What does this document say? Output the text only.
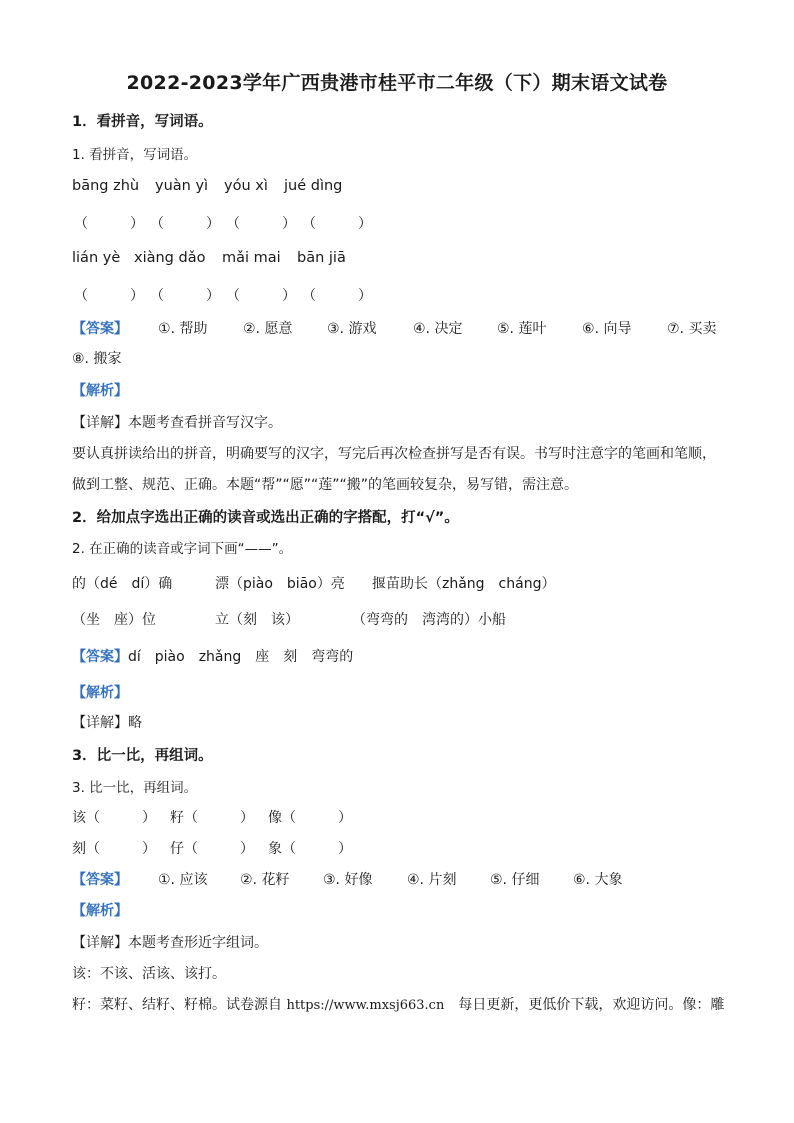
2022-2023学年广西贵港市桂平市二年级（下）期末语文试卷
1．看拼音，写词语。
1. 看拼音，写词语。
bāng zhù yuàn yì yóu xì jué dìng
（　　　） （　　　） （　　　） （　　　）
lián yè xiàng dǎo mǎi mai bān jiā
（　　　） （　　　） （　　　） （　　　）
【答案】 ①. 帮助	②. 愿意 ③. 游戏	④. 决定 ⑤. 莲叶	⑥. 向导	⑦. 买卖
⑧. 搬家
【解析】
【详解】本题考查看拼音写汉字。
要认真拼读给出的拼音，明确要写的汉字，写完后再次检查拼写是否有误。书写时注意字的笔画和笔顺，
做到工整、规范、正确。本题“帮”“愿”“莲”“搬”的笔画较复杂，易写错，需注意。
2．给加点字选出正确的读音或选出正确的字搭配，打“√”。
2. 在正确的读音或字词下画“——”。
的（dé　dí）确	漂（piào　biāo）亮 揠苗助长（zhǎng　cháng）
（坐　座）位	立（刻　该）	（弯弯的　湾湾的）小船
【答案】 dí　piào　zhǎng　座　刻　弯弯的
【解析】
【详解】略
3．比一比，再组词。
3. 比一比，再组词。
该（　　　） 籽（　　　） 像（　　　）
刻（　　　） 仔（　　　） 象（　　　）
【答案】 ①. 应该 ②. 花籽 ③. 好像 ④. 片刻 ⑤. 仔细 ⑥. 大象
【解析】
【详解】本题考查形近字组词。
该：不该、活该、该打。
籽：菜籽、结籽、籽棉。试卷源自 https://www.mxsj663.cn　每日更新，更低价下载，欢迎访问。像：雕
